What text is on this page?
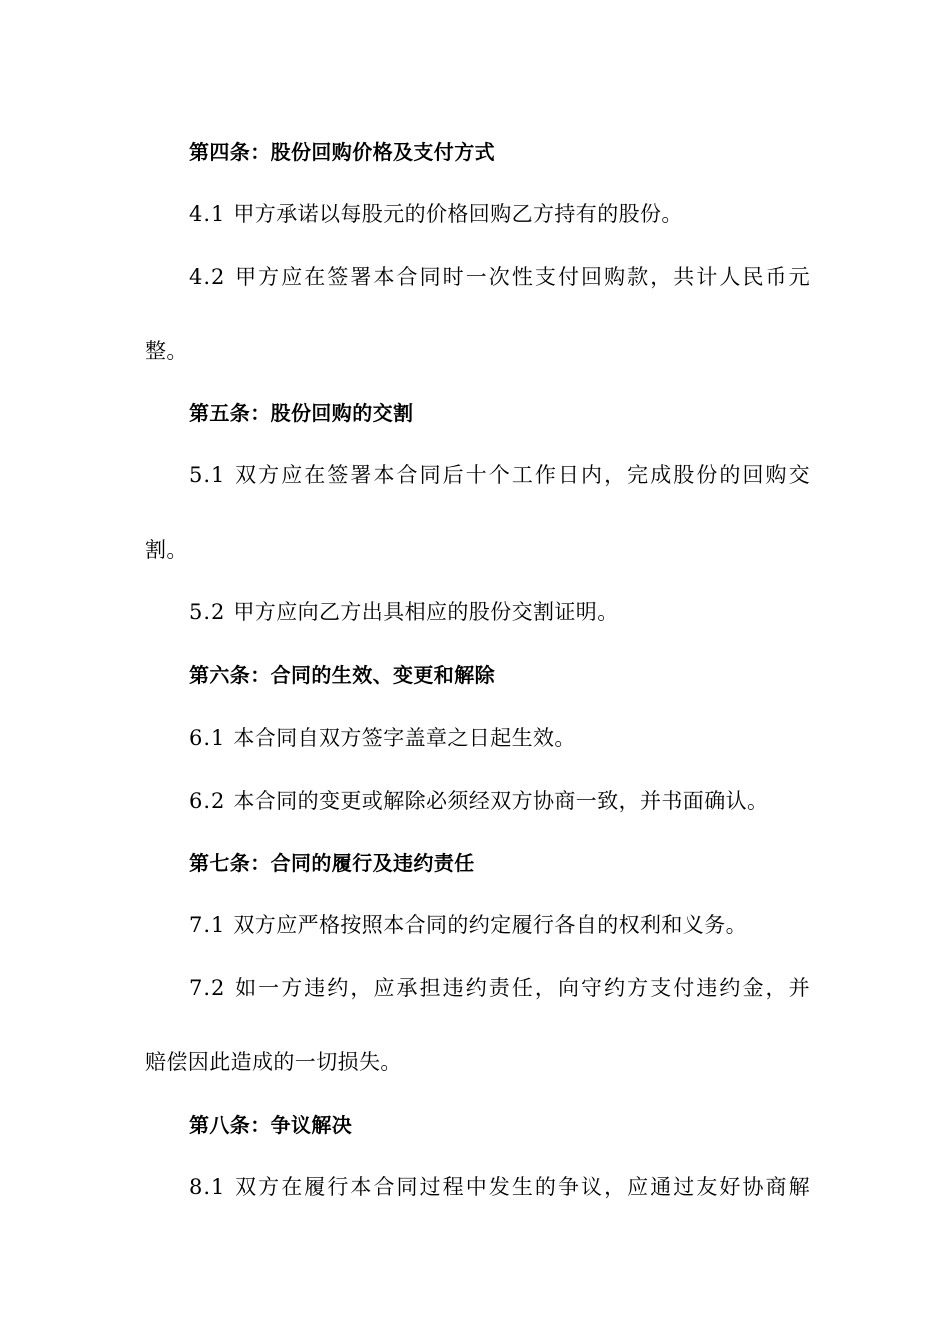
第四条：股份回购价格及支付方式
4.1 甲方承诺以每股元的价格回购乙方持有的股份。
4.2 甲方应在签署本合同时一次性支付回购款，共计人民币元
整。
第五条：股份回购的交割
5.1 双方应在签署本合同后十个工作日内，完成股份的回购交
割。
5.2 甲方应向乙方出具相应的股份交割证明。
第六条：合同的生效、变更和解除
6.1 本合同自双方签字盖章之日起生效。
6.2 本合同的变更或解除必须经双方协商一致，并书面确认。
第七条：合同的履行及违约责任
7.1 双方应严格按照本合同的约定履行各自的权利和义务。
7.2 如一方违约，应承担违约责任，向守约方支付违约金，并
赔偿因此造成的一切损失。
第八条：争议解决
8.1 双方在履行本合同过程中发生的争议，应通过友好协商解
